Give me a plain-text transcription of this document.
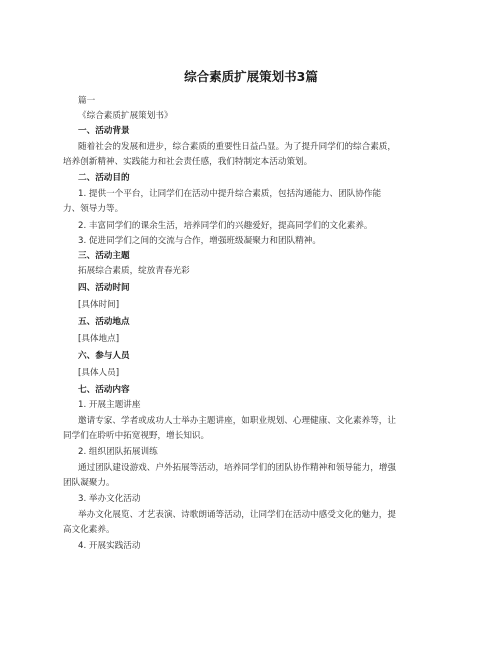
综合素质扩展策划书3篇

篇一

《综合素质扩展策划书》

一、活动背景

随着社会的发展和进步，综合素质的重要性日益凸显。为了提升同学们的综合素质，
培养创新精神、实践能力和社会责任感，我们特制定本活动策划。

二、活动目的

1. 提供一个平台，让同学们在活动中提升综合素质，包括沟通能力、团队协作能
力、领导力等。

2. 丰富同学们的课余生活，培养同学们的兴趣爱好，提高同学们的文化素养。

3. 促进同学们之间的交流与合作，增强班级凝聚力和团队精神。

三、活动主题

拓展综合素质，绽放青春光彩

四、活动时间

[具体时间]

五、活动地点

[具体地点]

六、参与人员

[具体人员]

七、活动内容

1. 开展主题讲座

邀请专家、学者或成功人士举办主题讲座，如职业规划、心理健康、文化素养等，让
同学们在聆听中拓宽视野，增长知识。

2. 组织团队拓展训练

通过团队建设游戏、户外拓展等活动，培养同学们的团队协作精神和领导能力，增强
团队凝聚力。

3. 举办文化活动

举办文化展览、才艺表演、诗歌朗诵等活动，让同学们在活动中感受文化的魅力，提
高文化素养。

4. 开展实践活动
